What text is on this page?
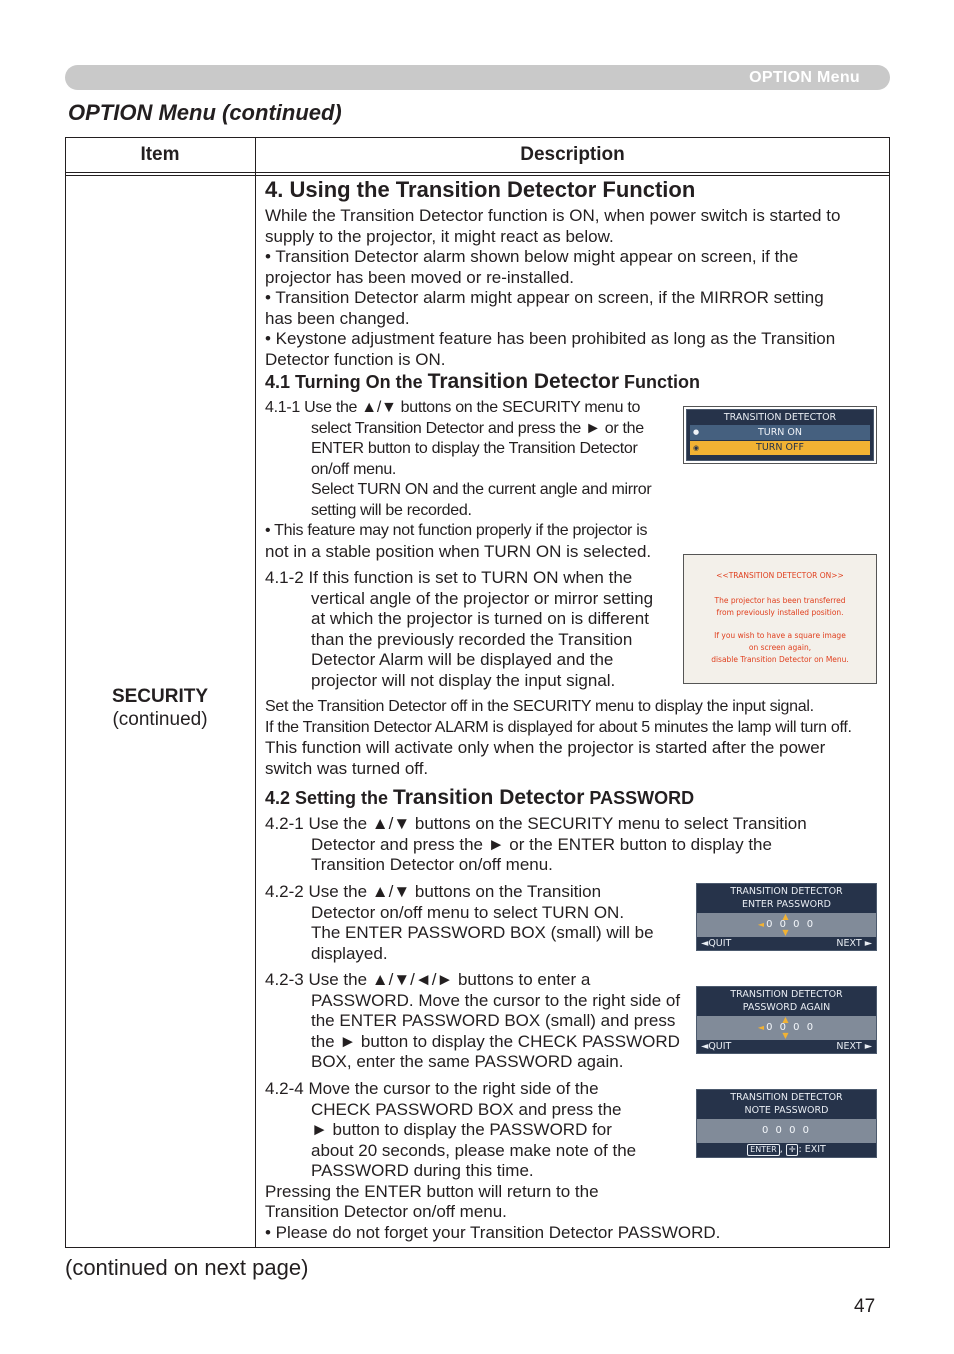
OPTION Menu
OPTION Menu (continued)
Item	Description
SECURITY
(continued)
4. Using the Transition Detector Function
While the Transition Detector function is ON, when power switch is started to
supply to the projector, it might react as below.
• Transition Detector alarm shown below might appear on screen, if the
projector has been moved or re-installed.
• Transition Detector alarm might appear on screen, if the MIRROR setting
has been changed.
• Keystone adjustment feature has been prohibited as long as the Transition
Detector function is ON.
4.1 Turning On the Transition Detector Function
4.1-1 Use the ▲/▼ buttons on the SECURITY menu to
select Transition Detector and press the ► or the
ENTER button to display the Transition Detector
on/off menu.
Select TURN ON and the current angle and mirror
setting will be recorded.
• This feature may not function properly if the projector is
not in a stable position when TURN ON is selected.
TRANSITION DETECTOR
●	TURN ON
◉	TURN OFF
4.1-2 If this function is set to TURN ON when the
vertical angle of the projector or mirror setting
at which the projector is turned on is different
than the previously recorded the Transition
Detector Alarm will be displayed and the
projector will not display the input signal.
<<TRANSITION DETECTOR ON>>
The projector has been transferred
from previously installed position.
If you wish to have a square image
on screen again,
disable Transition Detector on Menu.
Set the Transition Detector off in the SECURITY menu to display the input signal.
If the Transition Detector ALARM is displayed for about 5 minutes the lamp will turn off.
This function will activate only when the projector is started after the power
switch was turned off.
4.2 Setting the Transition Detector PASSWORD
4.2-1 Use the ▲/▼ buttons on the SECURITY menu to select Transition
Detector and press the ► or the ENTER button to display the
Transition Detector on/off menu.
4.2-2 Use the ▲/▼ buttons on the Transition
Detector on/off menu to select TURN ON.
The ENTER PASSWORD BOX (small) will be
displayed.
TRANSITION DETECTOR
ENTER PASSWORD
▲
◄0 0 0 0
▼
◄QUIT	NEXT ►
4.2-3 Use the ▲/▼/◄/► buttons to enter a
PASSWORD. Move the cursor to the right side of
the ENTER PASSWORD BOX (small) and press
the ► button to display the CHECK PASSWORD
BOX, enter the same PASSWORD again.
TRANSITION DETECTOR
PASSWORD AGAIN
▲
◄0 0 0 0
▼
◄QUIT	NEXT ►
4.2-4 Move the cursor to the right side of the
CHECK PASSWORD BOX and press the
► button to display the PASSWORD for
about 20 seconds, please make note of the
PASSWORD during this time.
Pressing the ENTER button will return to the
Transition Detector on/off menu.
• Please do not forget your Transition Detector PASSWORD.
TRANSITION DETECTOR
NOTE PASSWORD
0 0 0 0
ENTER , ✛ : EXIT
(continued on next page)
47
